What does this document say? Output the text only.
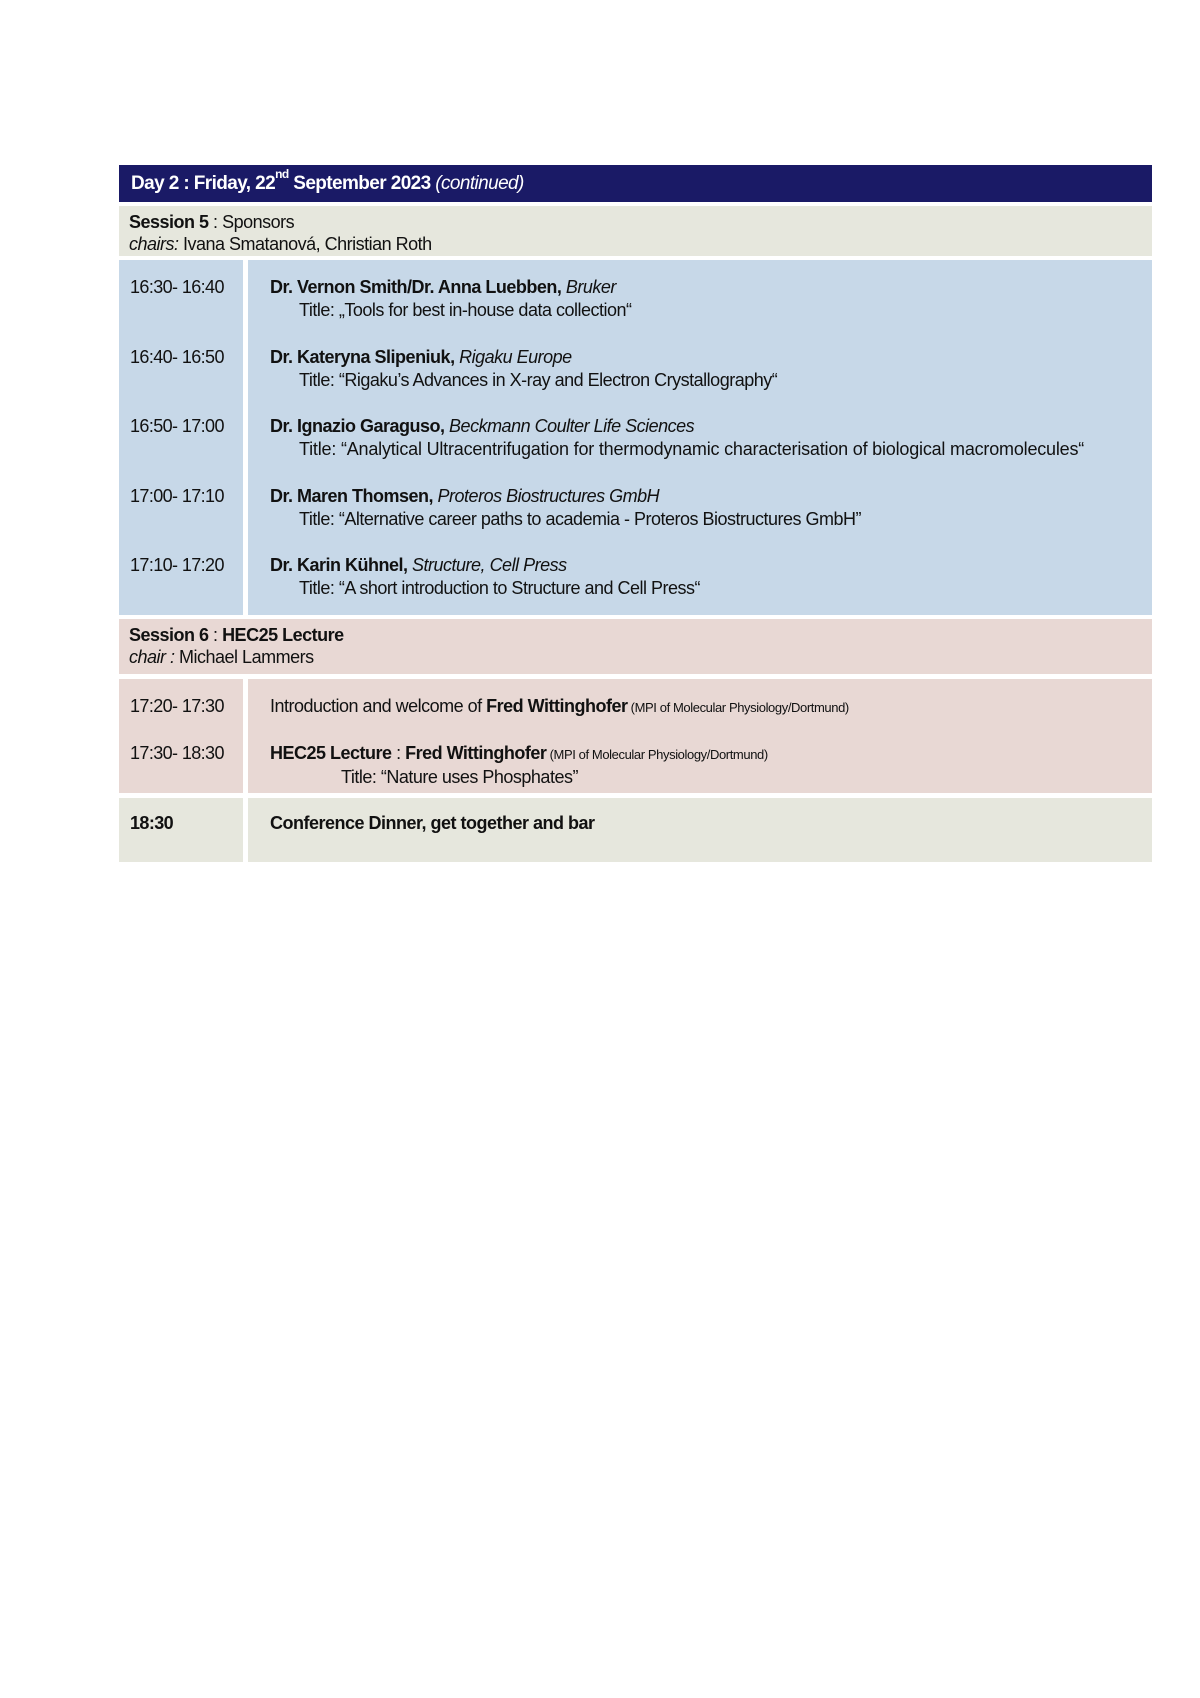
Day 2 : Friday, 22nd September 2023 (continued)
Session 5 : Sponsors
chairs: Ivana Smatanová, Christian Roth
16:30- 16:40
16:40- 16:50
16:50- 17:00
17:00- 17:10
17:10- 17:20
Dr. Vernon Smith/Dr. Anna Luebben, Bruker
Title: „Tools for best in-house data collection“
Dr. Kateryna Slipeniuk, Rigaku Europe
Title: “Rigaku’s Advances in X-ray and Electron Crystallography“
Dr. Ignazio Garaguso, Beckmann Coulter Life Sciences
Title: “Analytical Ultracentrifugation for thermodynamic characterisation of biological macromolecules“
Dr. Maren Thomsen, Proteros Biostructures GmbH
Title: “Alternative career paths to academia - Proteros Biostructures GmbH”
Dr. Karin Kühnel, Structure, Cell Press
Title: “A short introduction to Structure and Cell Press“
Session 6 : HEC25 Lecture
chair : Michael Lammers
17:20- 17:30
17:30- 18:30
Introduction and welcome of Fred Wittinghofer (MPI of Molecular Physiology/Dortmund)
HEC25 Lecture : Fred Wittinghofer (MPI of Molecular Physiology/Dortmund)
Title: “Nature uses Phosphates”
18:30	Conference Dinner, get together and bar
